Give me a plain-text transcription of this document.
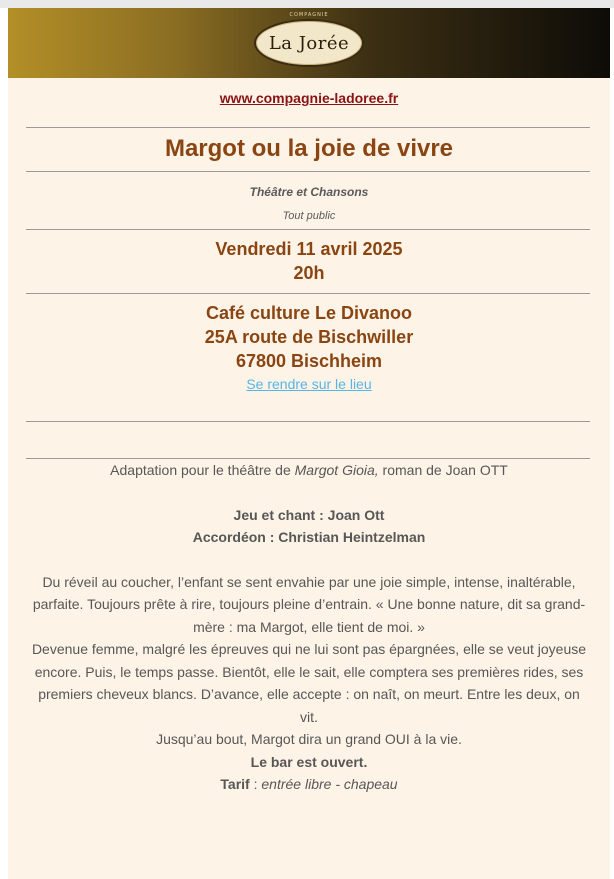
COMPAGNIE
La Jorée
www.compagnie-ladoree.fr
Margot ou la joie de vivre
Théâtre et Chansons
Tout public
Vendredi 11 avril 2025
20h
Café culture Le Divanoo
25A route de Bischwiller
67800 Bischheim
Se rendre sur le lieu

Adaptation pour le théâtre de Margot Gioia, roman de Joan OTT

Jeu et chant : Joan Ott

Accordéon : Christian Heintzelman

Du réveil au coucher, l’enfant se sent envahie par une joie simple, intense, inaltérable, parfaite. Toujours prête à rire, toujours pleine d’entrain. « Une bonne nature, dit sa grand-mère : ma Margot, elle tient de moi. »

Devenue femme, malgré les épreuves qui ne lui sont pas épargnées, elle se veut joyeuse encore. Puis, le temps passe. Bientôt, elle le sait, elle comptera ses premières rides, ses premiers cheveux blancs. D’avance, elle accepte : on naît, on meurt. Entre les deux, on vit.

Jusqu’au bout, Margot dira un grand OUI à la vie.

Le bar est ouvert.

Tarif : entrée libre - chapeau
